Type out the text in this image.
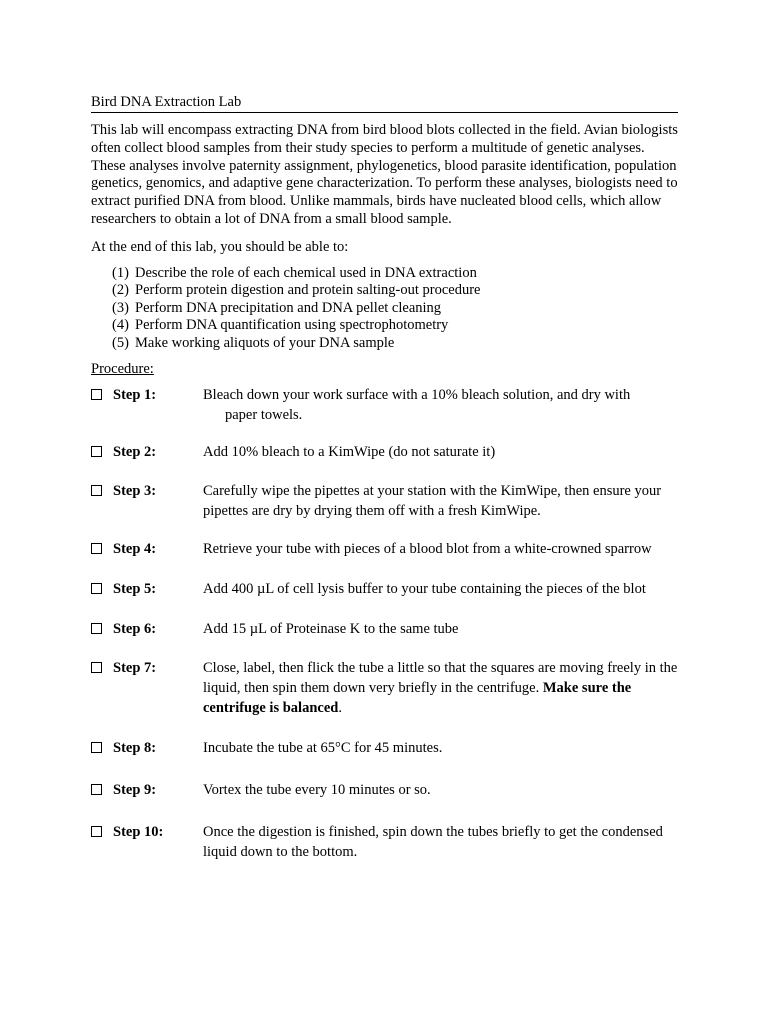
Bird DNA Extraction Lab

This lab will encompass extracting DNA from bird blood blots collected in the field. Avian biologists often collect blood samples from their study species to perform a multitude of genetic analyses. These analyses involve paternity assignment, phylogenetics, blood parasite identification, population genetics, genomics, and adaptive gene characterization. To perform these analyses, biologists need to extract purified DNA from blood. Unlike mammals, birds have nucleated blood cells, which allow researchers to obtain a lot of DNA from a small blood sample.

At the end of this lab, you should be able to:

(1) Describe the role of each chemical used in DNA extraction
(2) Perform protein digestion and protein salting-out procedure
(3) Perform DNA precipitation and DNA pellet cleaning
(4) Perform DNA quantification using spectrophotometry
(5) Make working aliquots of your DNA sample
Procedure:
Step 1:	Bleach down your work surface with a 10% bleach solution, and dry with
paper towels.
Step 2:	Add 10% bleach to a KimWipe (do not saturate it)
Step 3:	Carefully wipe the pipettes at your station with the KimWipe, then ensure your pipettes are dry by drying them off with a fresh KimWipe.
Step 4:	Retrieve your tube with pieces of a blood blot from a white-crowned sparrow
Step 5:	Add 400 µL of cell lysis buffer to your tube containing the pieces of the blot
Step 6:	Add 15 µL of Proteinase K to the same tube
Step 7:	Close, label, then flick the tube a little so that the squares are moving freely in the liquid, then spin them down very briefly in the centrifuge. Make sure the centrifuge is balanced.
Step 8:	Incubate the tube at 65°C for 45 minutes.
Step 9:	Vortex the tube every 10 minutes or so.
Step 10:	Once the digestion is finished, spin down the tubes briefly to get the condensed liquid down to the bottom.
